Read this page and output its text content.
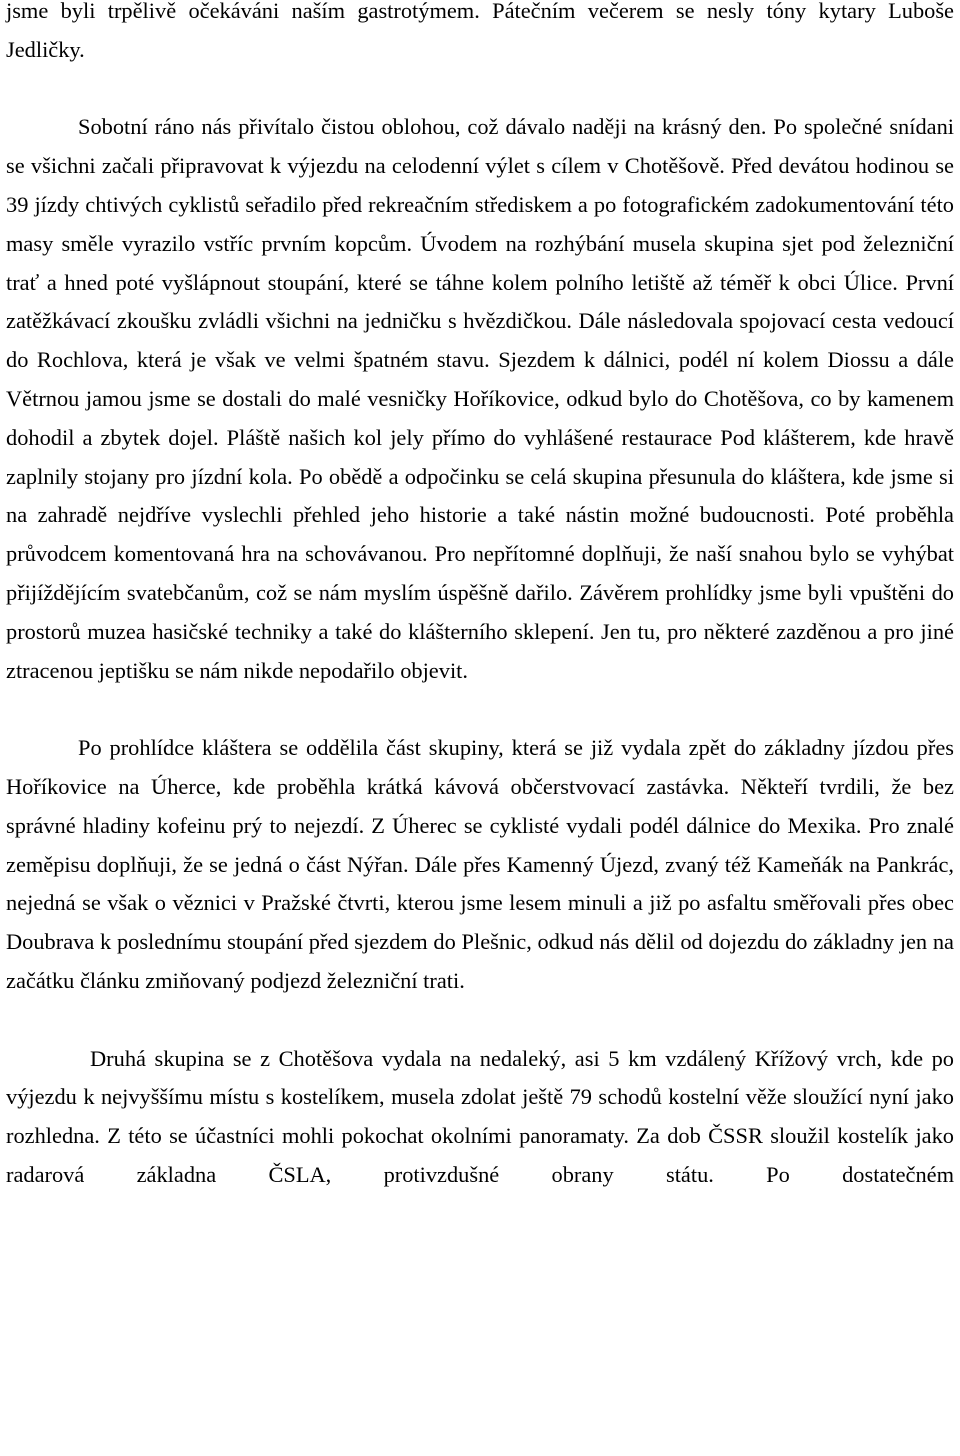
jsme byli trpělivě očekáváni naším gastrotýmem. Pátečním večerem se nesly tóny kytary Luboše Jedličky.

Sobotní ráno nás přivítalo čistou oblohou, což dávalo naději na krásný den. Po společné snídani se všichni začali připravovat k výjezdu na celodenní výlet s cílem v Chotěšově. Před devátou hodinou se 39 jízdy chtivých cyklistů seřadilo před rekreačním střediskem a po fotografickém zadokumentování této masy směle vyrazilo vstříc prvním kopcům. Úvodem na rozhýbání musela skupina sjet pod železniční trať a hned poté vyšlápnout stoupání, které se táhne kolem polního letiště až téměř k obci Úlice. První zatěžkávací zkoušku zvládli všichni na jedničku s hvězdičkou. Dále následovala spojovací cesta vedoucí do Rochlova, která je však ve velmi špatném stavu. Sjezdem k dálnici, podél ní kolem Diossu a dále Větrnou jamou jsme se dostali do malé vesničky Hoříkovice, odkud bylo do Chotěšova, co by kamenem dohodil a zbytek dojel. Pláště našich kol jely přímo do vyhlášené restaurace Pod klášterem, kde hravě zaplnily stojany pro jízdní kola. Po obědě a odpočinku se celá skupina přesunula do kláštera, kde jsme si na zahradě nejdříve vyslechli přehled jeho historie a také nástin možné budoucnosti. Poté proběhla průvodcem komentovaná hra na schovávanou. Pro nepřítomné doplňuji, že naší snahou bylo se vyhýbat přijíždějícím svatebčanům, což se nám myslím úspěšně dařilo. Závěrem prohlídky jsme byli vpuštěni do prostorů muzea hasičské techniky a také do klášterního sklepení. Jen tu, pro některé zazděnou a pro jiné ztracenou jeptišku se nám nikde nepodařilo objevit.

Po prohlídce kláštera se oddělila část skupiny, která se již vydala zpět do základny jízdou přes Hoříkovice na Úherce, kde proběhla krátká kávová občerstvovací zastávka. Někteří tvrdili, že bez správné hladiny kofeinu prý to nejezdí. Z Úherec se cyklisté vydali podél dálnice do Mexika. Pro znalé zeměpisu doplňuji, že se jedná o část Nýřan. Dále přes Kamenný Újezd, zvaný též Kameňák na Pankrác, nejedná se však o věznici v Pražské čtvrti, kterou jsme lesem minuli a již po asfaltu směřovali přes obec Doubrava k poslednímu stoupání před sjezdem do Plešnic, odkud nás dělil od dojezdu do základny jen na začátku článku zmiňovaný podjezd železniční trati.

Druhá skupina se z Chotěšova vydala na nedaleký, asi 5 km vzdálený Křížový vrch, kde po výjezdu k nejvyššímu místu s kostelíkem, musela zdolat ještě 79 schodů kostelní věže sloužící nyní jako rozhledna. Z této se účastníci mohli pokochat okolními panoramaty. Za dob ČSSR sloužil kostelík jako radarová základna ČSLA, protivzdušné obrany státu. Po dostatečném
